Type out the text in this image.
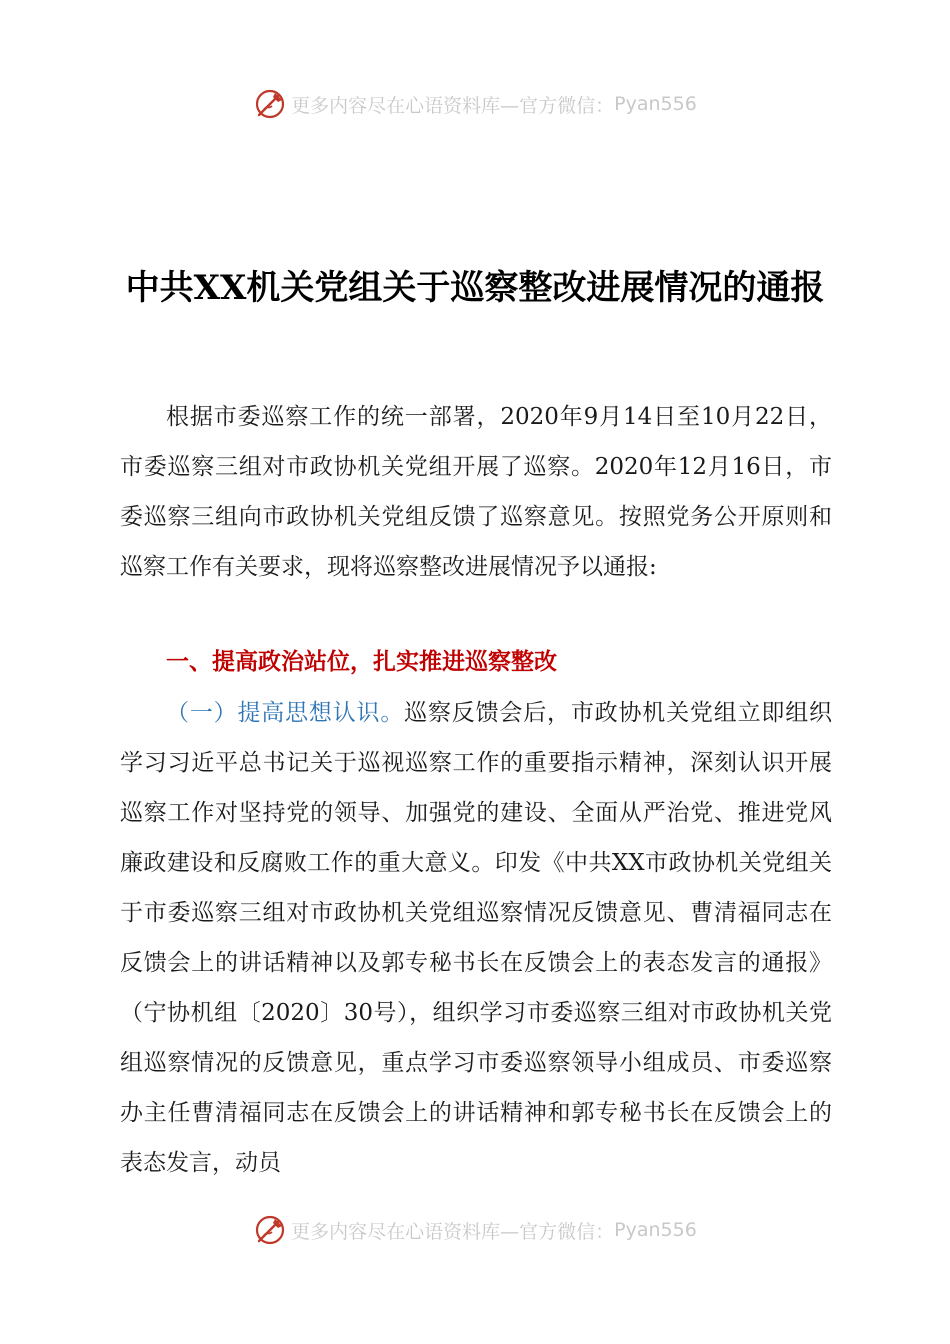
更多内容尽在心语资料库—官方微信： Pyan556
中共XX机关党组关于巡察整改进展情况的通报

根据市委巡察工作的统一部署，2020年9月14日至10月22日，市委巡察三组对市政协机关党组开展了巡察。2020年12月16日，市委巡察三组向市政协机关党组反馈了巡察意见。按照党务公开原则和巡察工作有关要求，现将巡察整改进展情况予以通报:

一、提高政治站位，扎实推进巡察整改

（一）提高思想认识。巡察反馈会后，市政协机关党组立即组织学习习近平总书记关于巡视巡察工作的重要指示精神，深刻认识开展巡察工作对坚持党的领导、加强党的建设、全面从严治党、推进党风廉政建设和反腐败工作的重大意义。印发《中共XX市政协机关党组关于市委巡察三组对市政协机关党组巡察情况反馈意见、曹清福同志在反馈会上的讲话精神以及郭专秘书长在反馈会上的表态发言的通报》（宁协机组〔2020〕30号），组织学习市委巡察三组对市政协机关党组巡察情况的反馈意见，重点学习市委巡察领导小组成员、市委巡察办主任曹清福同志在反馈会上的讲话精神和郭专秘书长在反馈会上的表态发言，动员

更多内容尽在心语资料库—官方微信： Pyan556
